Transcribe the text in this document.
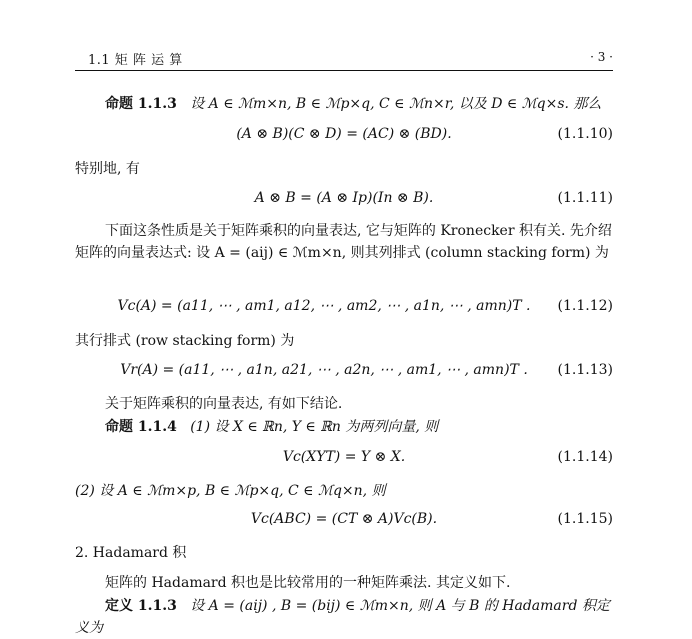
1.1 矩 阵 运 算	· 3 ·
命题 1.1.3 设 A ∈ ℳm×n, B ∈ ℳp×q, C ∈ ℳn×r, 以及 D ∈ ℳq×s. 那么
(A ⊗ B)(C ⊗ D) = (AC) ⊗ (BD).	(1.1.10)
特别地, 有
A ⊗ B = (A ⊗ Ip)(In ⊗ B).	(1.1.11)
下面这条性质是关于矩阵乘积的向量表达, 它与矩阵的 Kronecker 积有关. 先介绍矩阵的向量表达式: 设 A = (aij) ∈ ℳm×n, 则其列排式 (column stacking form) 为
Vc(A) = (a11, ⋯ , am1, a12, ⋯ , am2, ⋯ , a1n, ⋯ , amn)T .	(1.1.12)
其行排式 (row stacking form) 为
Vr(A) = (a11, ⋯ , a1n, a21, ⋯ , a2n, ⋯ , am1, ⋯ , amn)T .	(1.1.13)
关于矩阵乘积的向量表达, 有如下结论.
命题 1.1.4 (1) 设 X ∈ ℝn, Y ∈ ℝn 为两列向量, 则
Vc(XYT) = Y ⊗ X.	(1.1.14)
(2) 设 A ∈ ℳm×p, B ∈ ℳp×q, C ∈ ℳq×n, 则
Vc(ABC) = (CT ⊗ A)Vc(B).	(1.1.15)
2. Hadamard 积
矩阵的 Hadamard 积也是比较常用的一种矩阵乘法. 其定义如下.
定义 1.1.3 设 A = (aij) , B = (bij) ∈ ℳm×n, 则 A 与 B 的 Hadamard 积定
义为
